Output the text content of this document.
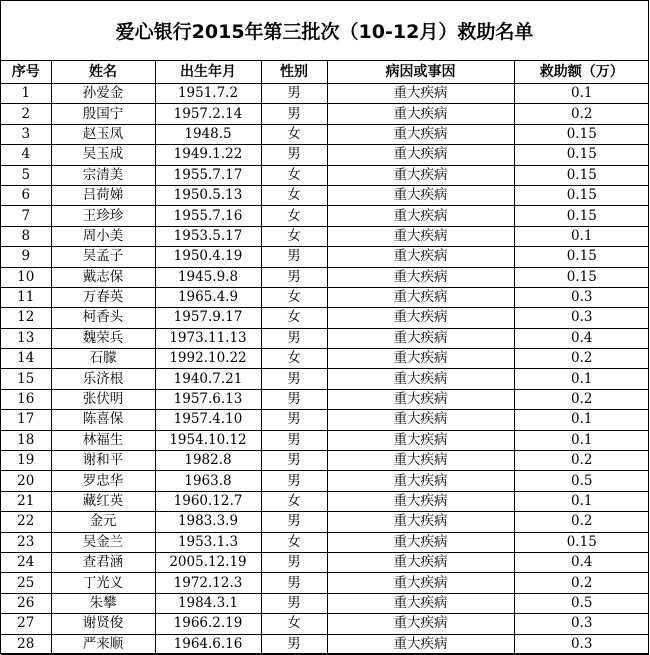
爱心银行2015年第三批次（10-12月）救助名单
序号	姓名	出生年月	性别	病因或事因	救助额（万）
1	孙爱金	1951.7.2	男	重大疾病	0.1
2	殷国宁	1957.2.14	男	重大疾病	0.2
3	赵玉凤	1948.5	女	重大疾病	0.15
4	吴玉成	1949.1.22	男	重大疾病	0.15
5	宗清美	1955.7.17	女	重大疾病	0.15
6	吕荷娣	1950.5.13	女	重大疾病	0.15
7	王珍珍	1955.7.16	女	重大疾病	0.15
8	周小美	1953.5.17	女	重大疾病	0.1
9	吴孟子	1950.4.19	男	重大疾病	0.15
10	戴志保	1945.9.8	男	重大疾病	0.15
11	万春英	1965.4.9	女	重大疾病	0.3
12	柯香头	1957.9.17	女	重大疾病	0.3
13	魏荣兵	1973.11.13	男	重大疾病	0.4
14	石朦	1992.10.22	女	重大疾病	0.2
15	乐济根	1940.7.21	男	重大疾病	0.1
16	张伏明	1957.6.13	男	重大疾病	0.2
17	陈喜保	1957.4.10	男	重大疾病	0.1
18	林福生	1954.10.12	男	重大疾病	0.1
19	谢和平	1982.8	男	重大疾病	0.2
20	罗忠华	1963.8	男	重大疾病	0.5
21	藏红英	1960.12.7	女	重大疾病	0.1
22	金元	1983.3.9	男	重大疾病	0.2
23	吴金兰	1953.1.3	女	重大疾病	0.15
24	查君涵	2005.12.19	男	重大疾病	0.4
25	丁光义	1972.12.3	男	重大疾病	0.2
26	朱攀	1984.3.1	男	重大疾病	0.5
27	谢贤俊	1966.2.19	女	重大疾病	0.3
28	严来顺	1964.6.16	男	重大疾病	0.3
